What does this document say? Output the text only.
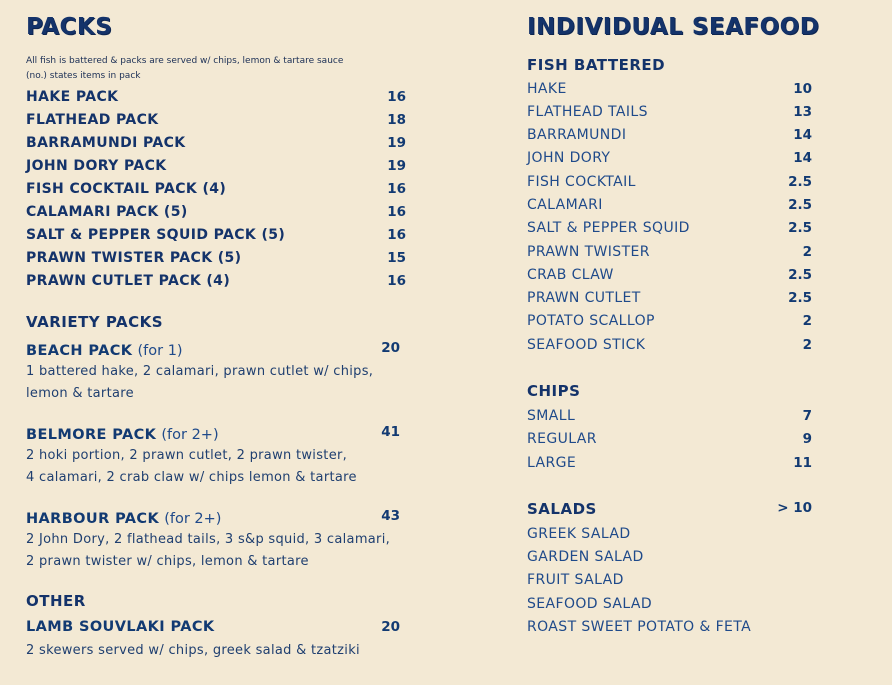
PACKS
All fish is battered & packs are served w/ chips, lemon & tartare sauce
(no.) states items in pack
HAKE PACK	16
FLATHEAD PACK	18
BARRAMUNDI PACK	19
JOHN DORY PACK	19
FISH COCKTAIL PACK (4)	16
CALAMARI PACK (5)	16
SALT & PEPPER SQUID PACK (5)	16
PRAWN TWISTER PACK (5)	15
PRAWN CUTLET PACK (4)	16
VARIETY PACKS
BEACH PACK (for 1)	20
1 battered hake, 2 calamari, prawn cutlet w/ chips,
lemon & tartare
BELMORE PACK (for 2+)	41
2 hoki portion, 2 prawn cutlet, 2 prawn twister,
4 calamari, 2 crab claw w/ chips lemon & tartare
HARBOUR PACK (for 2+)	43
2 John Dory, 2 flathead tails, 3 s&p squid, 3 calamari,
2 prawn twister w/ chips, lemon & tartare
OTHER
LAMB SOUVLAKI PACK	20
2 skewers served w/ chips, greek salad & tzatziki
INDIVIDUAL SEAFOOD
FISH BATTERED
HAKE	10
FLATHEAD TAILS	13
BARRAMUNDI	14
JOHN DORY	14
FISH COCKTAIL	2.5
CALAMARI	2.5
SALT & PEPPER SQUID	2.5
PRAWN TWISTER	2
CRAB CLAW	2.5
PRAWN CUTLET	2.5
POTATO SCALLOP	2
SEAFOOD STICK	2
CHIPS
SMALL	7
REGULAR	9
LARGE	11
SALADS	> 10
GREEK SALAD
GARDEN SALAD
FRUIT SALAD
SEAFOOD SALAD
ROAST SWEET POTATO & FETA
